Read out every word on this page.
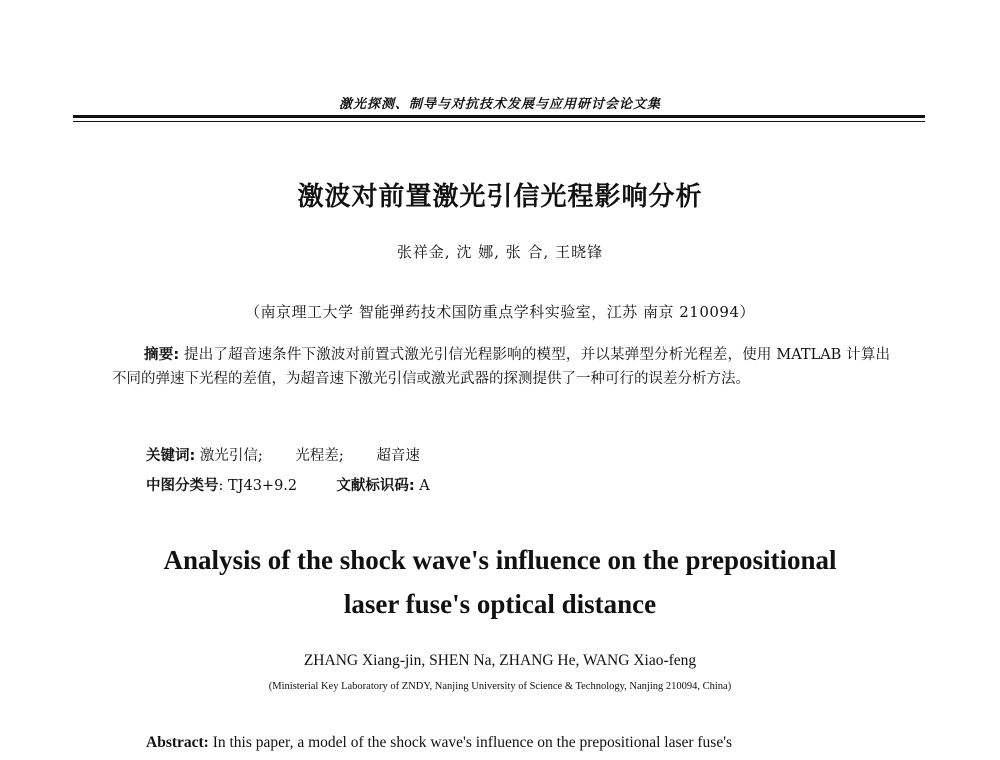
激光探测、制导与对抗技术发展与应用研讨会论文集
激波对前置激光引信光程影响分析
张祥金, 沈 娜, 张 合, 王晓锋
（南京理工大学 智能弹药技术国防重点学科实验室，江苏 南京 210094）
摘要: 提出了超音速条件下激波对前置式激光引信光程影响的模型，并以某弹型分析光程差，使用 MATLAB 计算出不同的弹速下光程的差值，为超音速下激光引信或激光武器的探测提供了一种可行的误差分析方法。
关键词: 激光引信; 光程差; 超音速
中图分类号: TJ43+9.2	文献标识码: A
Analysis of the shock wave's influence on the prepositional
laser fuse's optical distance
ZHANG Xiang-jin, SHEN Na, ZHANG He, WANG Xiao-feng
(Ministerial Key Laboratory of ZNDY, Nanjing University of Science & Technology, Nanjing 210094, China)
Abstract: In this paper, a model of the shock wave's influence on the prepositional laser fuse's
